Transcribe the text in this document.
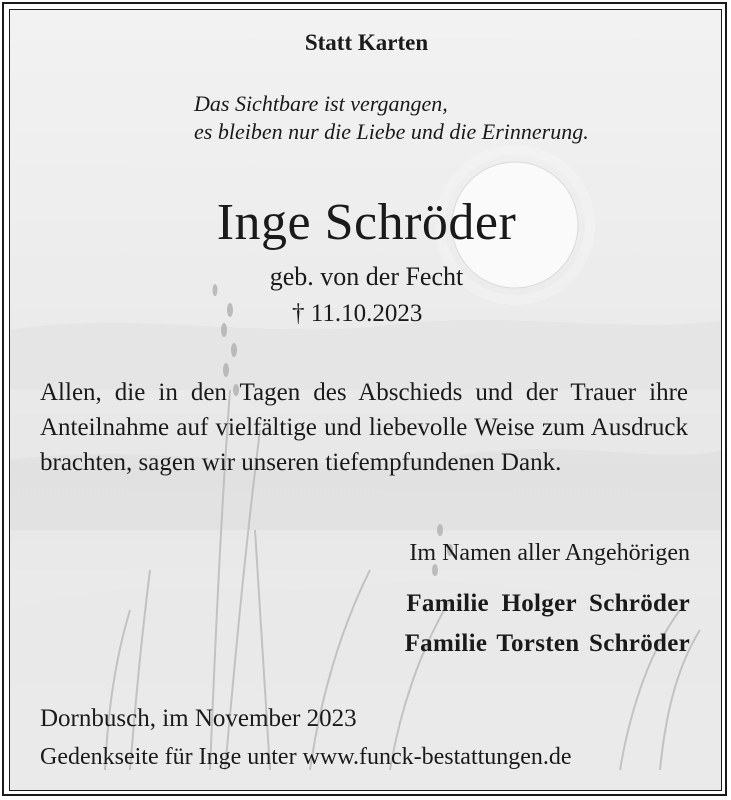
Statt Karten
Das Sichtbare ist vergangen,
es bleiben nur die Liebe und die Erinnerung.
Inge Schröder
geb. von der Fecht
† 11.10.2023
Allen, die in den Tagen des Abschieds und der Trauer ihre Anteilnahme auf vielfältige und liebevolle Weise zum Ausdruck brachten, sagen wir unseren tiefempfundenen Dank.
Im Namen aller Angehörigen
Familie Holger Schröder
Familie Torsten Schröder
Dornbusch, im November 2023
Gedenkseite für Inge unter www.funck-bestattungen.de
